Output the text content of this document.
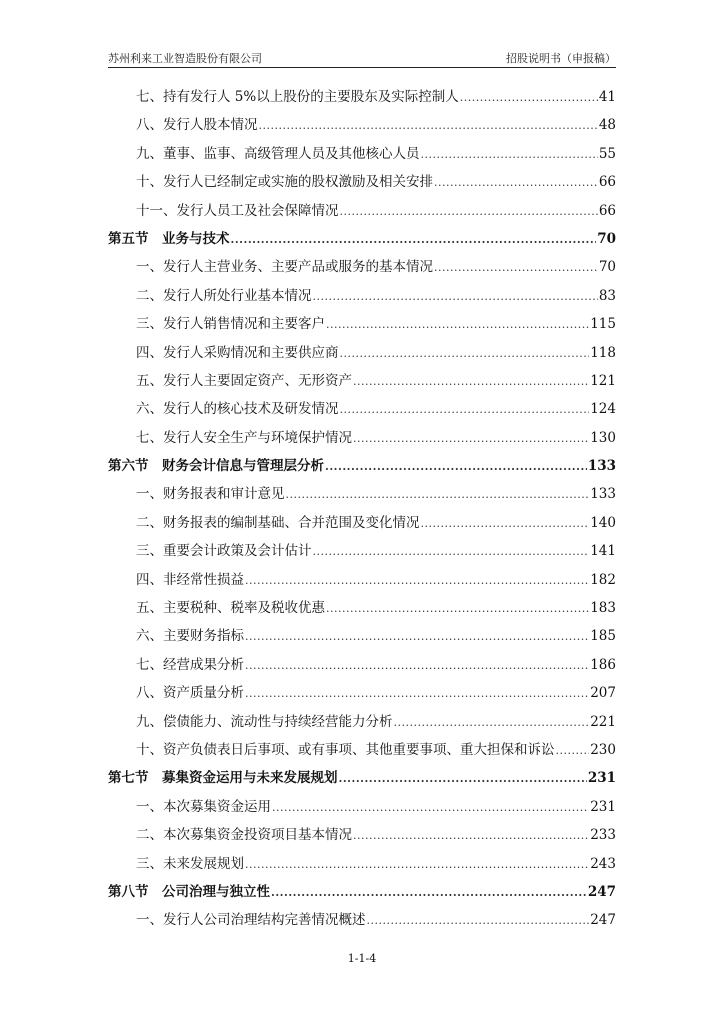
苏州利来工业智造股份有限公司	招股说明书（申报稿）
七、持有发行人 5%以上股份的主要股东及实际控制人 .....	41
八、发行人股本情况 .....	48
九、董事、监事、高级管理人员及其他核心人员 .....	55
十、发行人已经制定或实施的股权激励及相关安排 .....	66
十一、发行人员工及社会保障情况 .....	66
第五节　业务与技术 .....	70
一、发行人主营业务、主要产品或服务的基本情况 .....	70
二、发行人所处行业基本情况 .....	83
三、发行人销售情况和主要客户 .....	115
四、发行人采购情况和主要供应商 .....	118
五、发行人主要固定资产、无形资产 .....	121
六、发行人的核心技术及研发情况 .....	124
七、发行人安全生产与环境保护情况 .....	130
第六节　财务会计信息与管理层分析 .....	133
一、财务报表和审计意见 .....	133
二、财务报表的编制基础、合并范围及变化情况 .....	140
三、重要会计政策及会计估计 .....	141
四、非经常性损益 .....	182
五、主要税种、税率及税收优惠 .....	183
六、主要财务指标 .....	185
七、经营成果分析 .....	186
八、资产质量分析 .....	207
九、偿债能力、流动性与持续经营能力分析 .....	221
十、资产负债表日后事项、或有事项、其他重要事项、重大担保和诉讼 .....	230
第七节　募集资金运用与未来发展规划 .....	231
一、本次募集资金运用 .....	231
二、本次募集资金投资项目基本情况 .....	233
三、未来发展规划 .....	243
第八节　公司治理与独立性 .....	247
一、发行人公司治理结构完善情况概述 .....	247
1-1-4
